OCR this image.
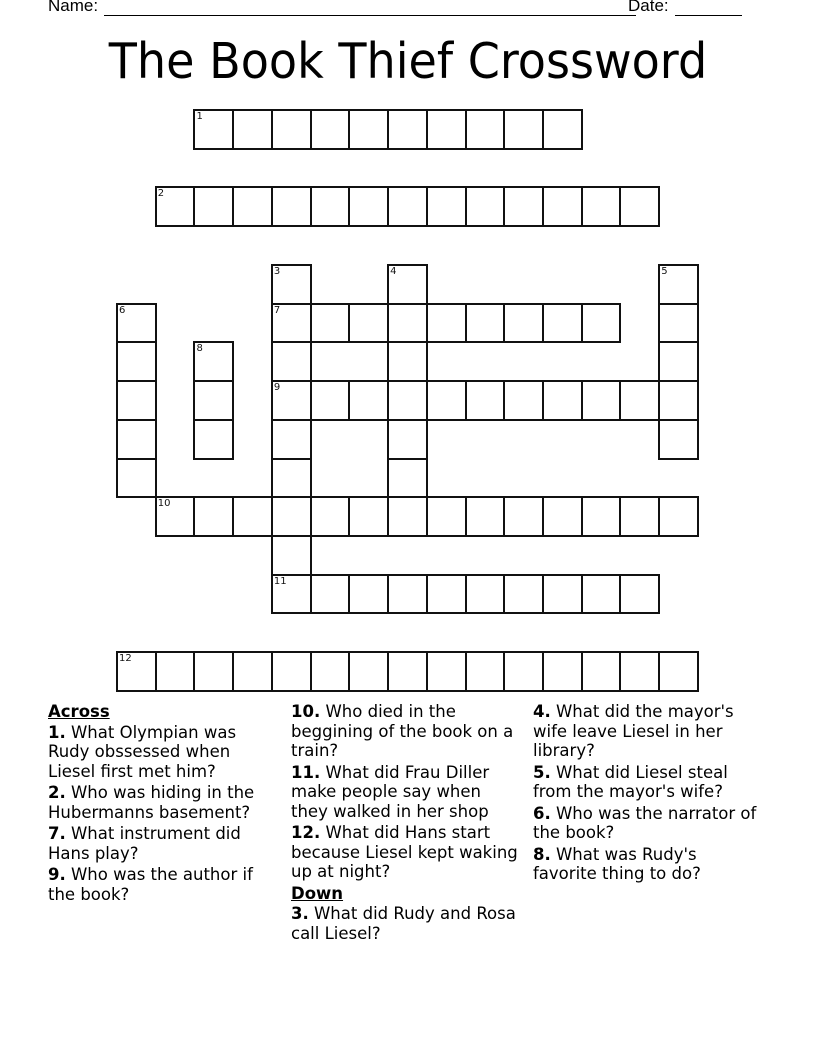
Name:	Date:
The Book Thief Crossword
1
2
3
7
9
11
4	5
6
8
10
12
Across
1. What Olympian was Rudy obssessed when Liesel first met him?
2. Who was hiding in the Hubermanns basement?
7. What instrument did Hans play?
9. Who was the author if the book?
10. Who died in the beggining of the book on a train?
11. What did Frau Diller make people say when they walked in her shop
12. What did Hans start because Liesel kept waking up at night?
Down
3. What did Rudy and Rosa call Liesel?
4. What did the mayor's wife leave Liesel in her library?
5. What did Liesel steal from the mayor's wife?
6. Who was the narrator of the book?
8. What was Rudy's favorite thing to do?
